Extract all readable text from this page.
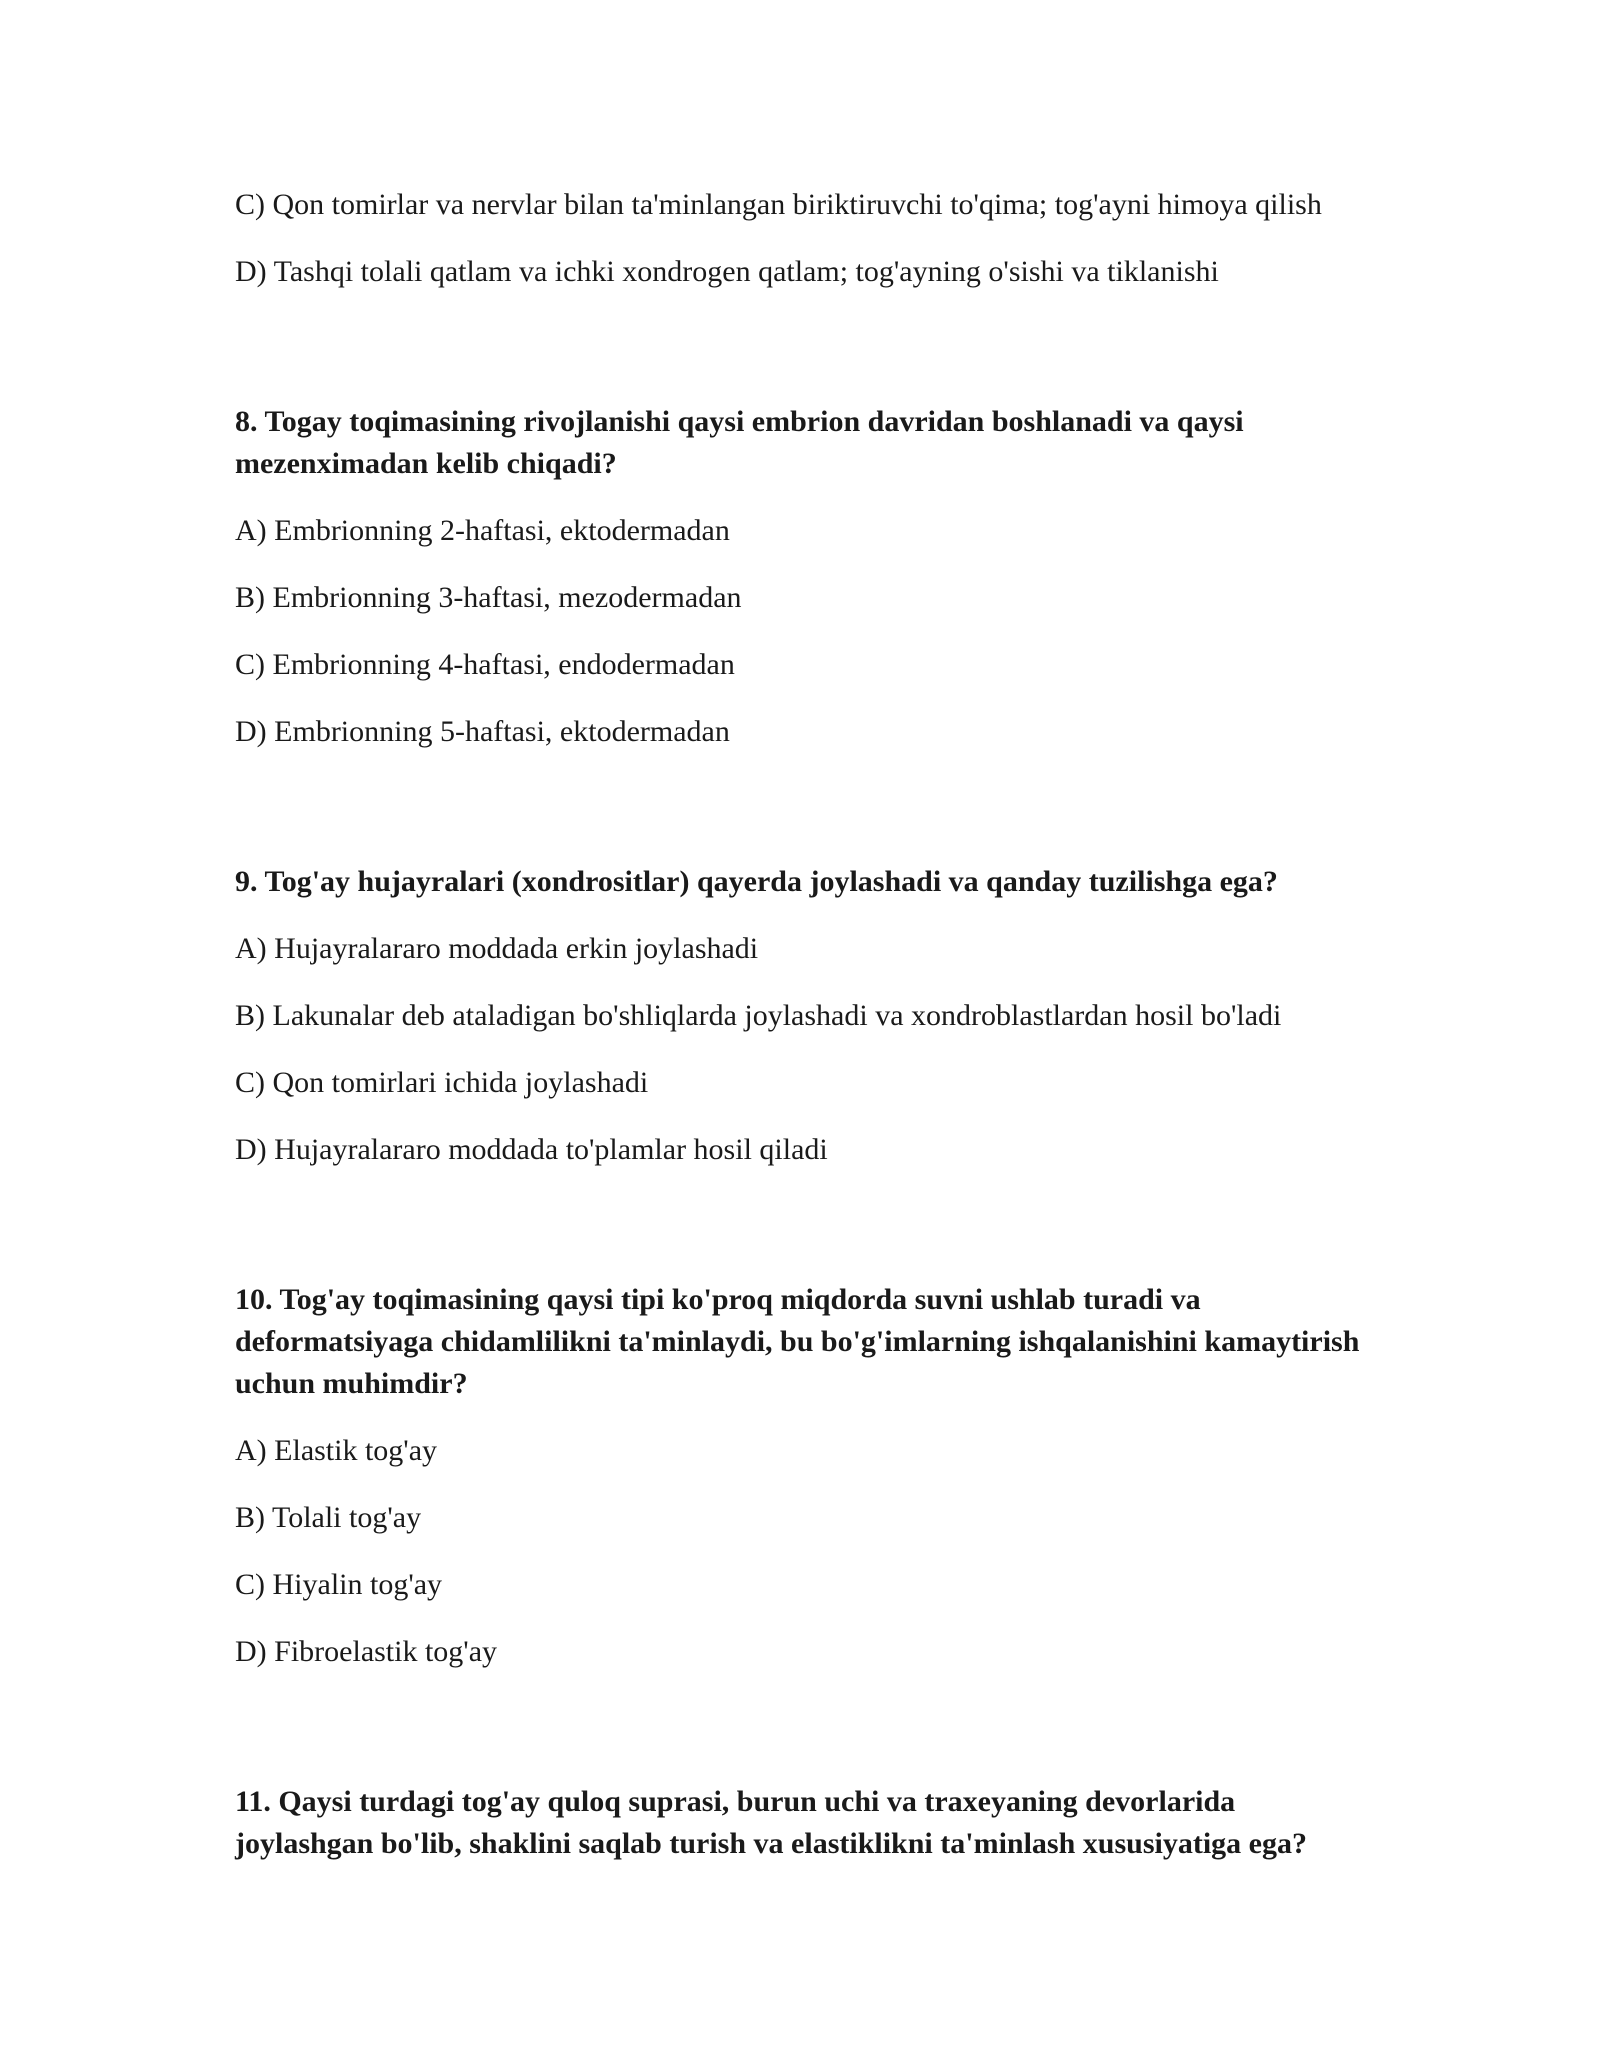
C) Qon tomirlar va nervlar bilan ta'minlangan biriktiruvchi to'qima; tog'ayni himoya qilish

D) Tashqi tolali qatlam va ichki xondrogen qatlam; tog'ayning o'sishi va tiklanishi

8. Togay toqimasining rivojlanishi qaysi embrion davridan boshlanadi va qaysi mezenximadan kelib chiqadi?

A) Embrionning 2-haftasi, ektodermadan

B) Embrionning 3-haftasi, mezodermadan

C) Embrionning 4-haftasi, endodermadan

D) Embrionning 5-haftasi, ektodermadan

9. Tog'ay hujayralari (xondrositlar) qayerda joylashadi va qanday tuzilishga ega?

A) Hujayralararo moddada erkin joylashadi

B) Lakunalar deb ataladigan bo'shliqlarda joylashadi va xondroblastlardan hosil bo'ladi

C) Qon tomirlari ichida joylashadi

D) Hujayralararo moddada to'plamlar hosil qiladi

10. Tog'ay toqimasining qaysi tipi ko'proq miqdorda suvni ushlab turadi va deformatsiyaga chidamlilikni ta'minlaydi, bu bo'g'imlarning ishqalanishini kamaytirish uchun muhimdir?

A) Elastik tog'ay

B) Tolali tog'ay

C) Hiyalin tog'ay

D) Fibroelastik tog'ay

11. Qaysi turdagi tog'ay quloq suprasi, burun uchi va traxeyaning devorlarida joylashgan bo'lib, shaklini saqlab turish va elastiklikni ta'minlash xususiyatiga ega?
